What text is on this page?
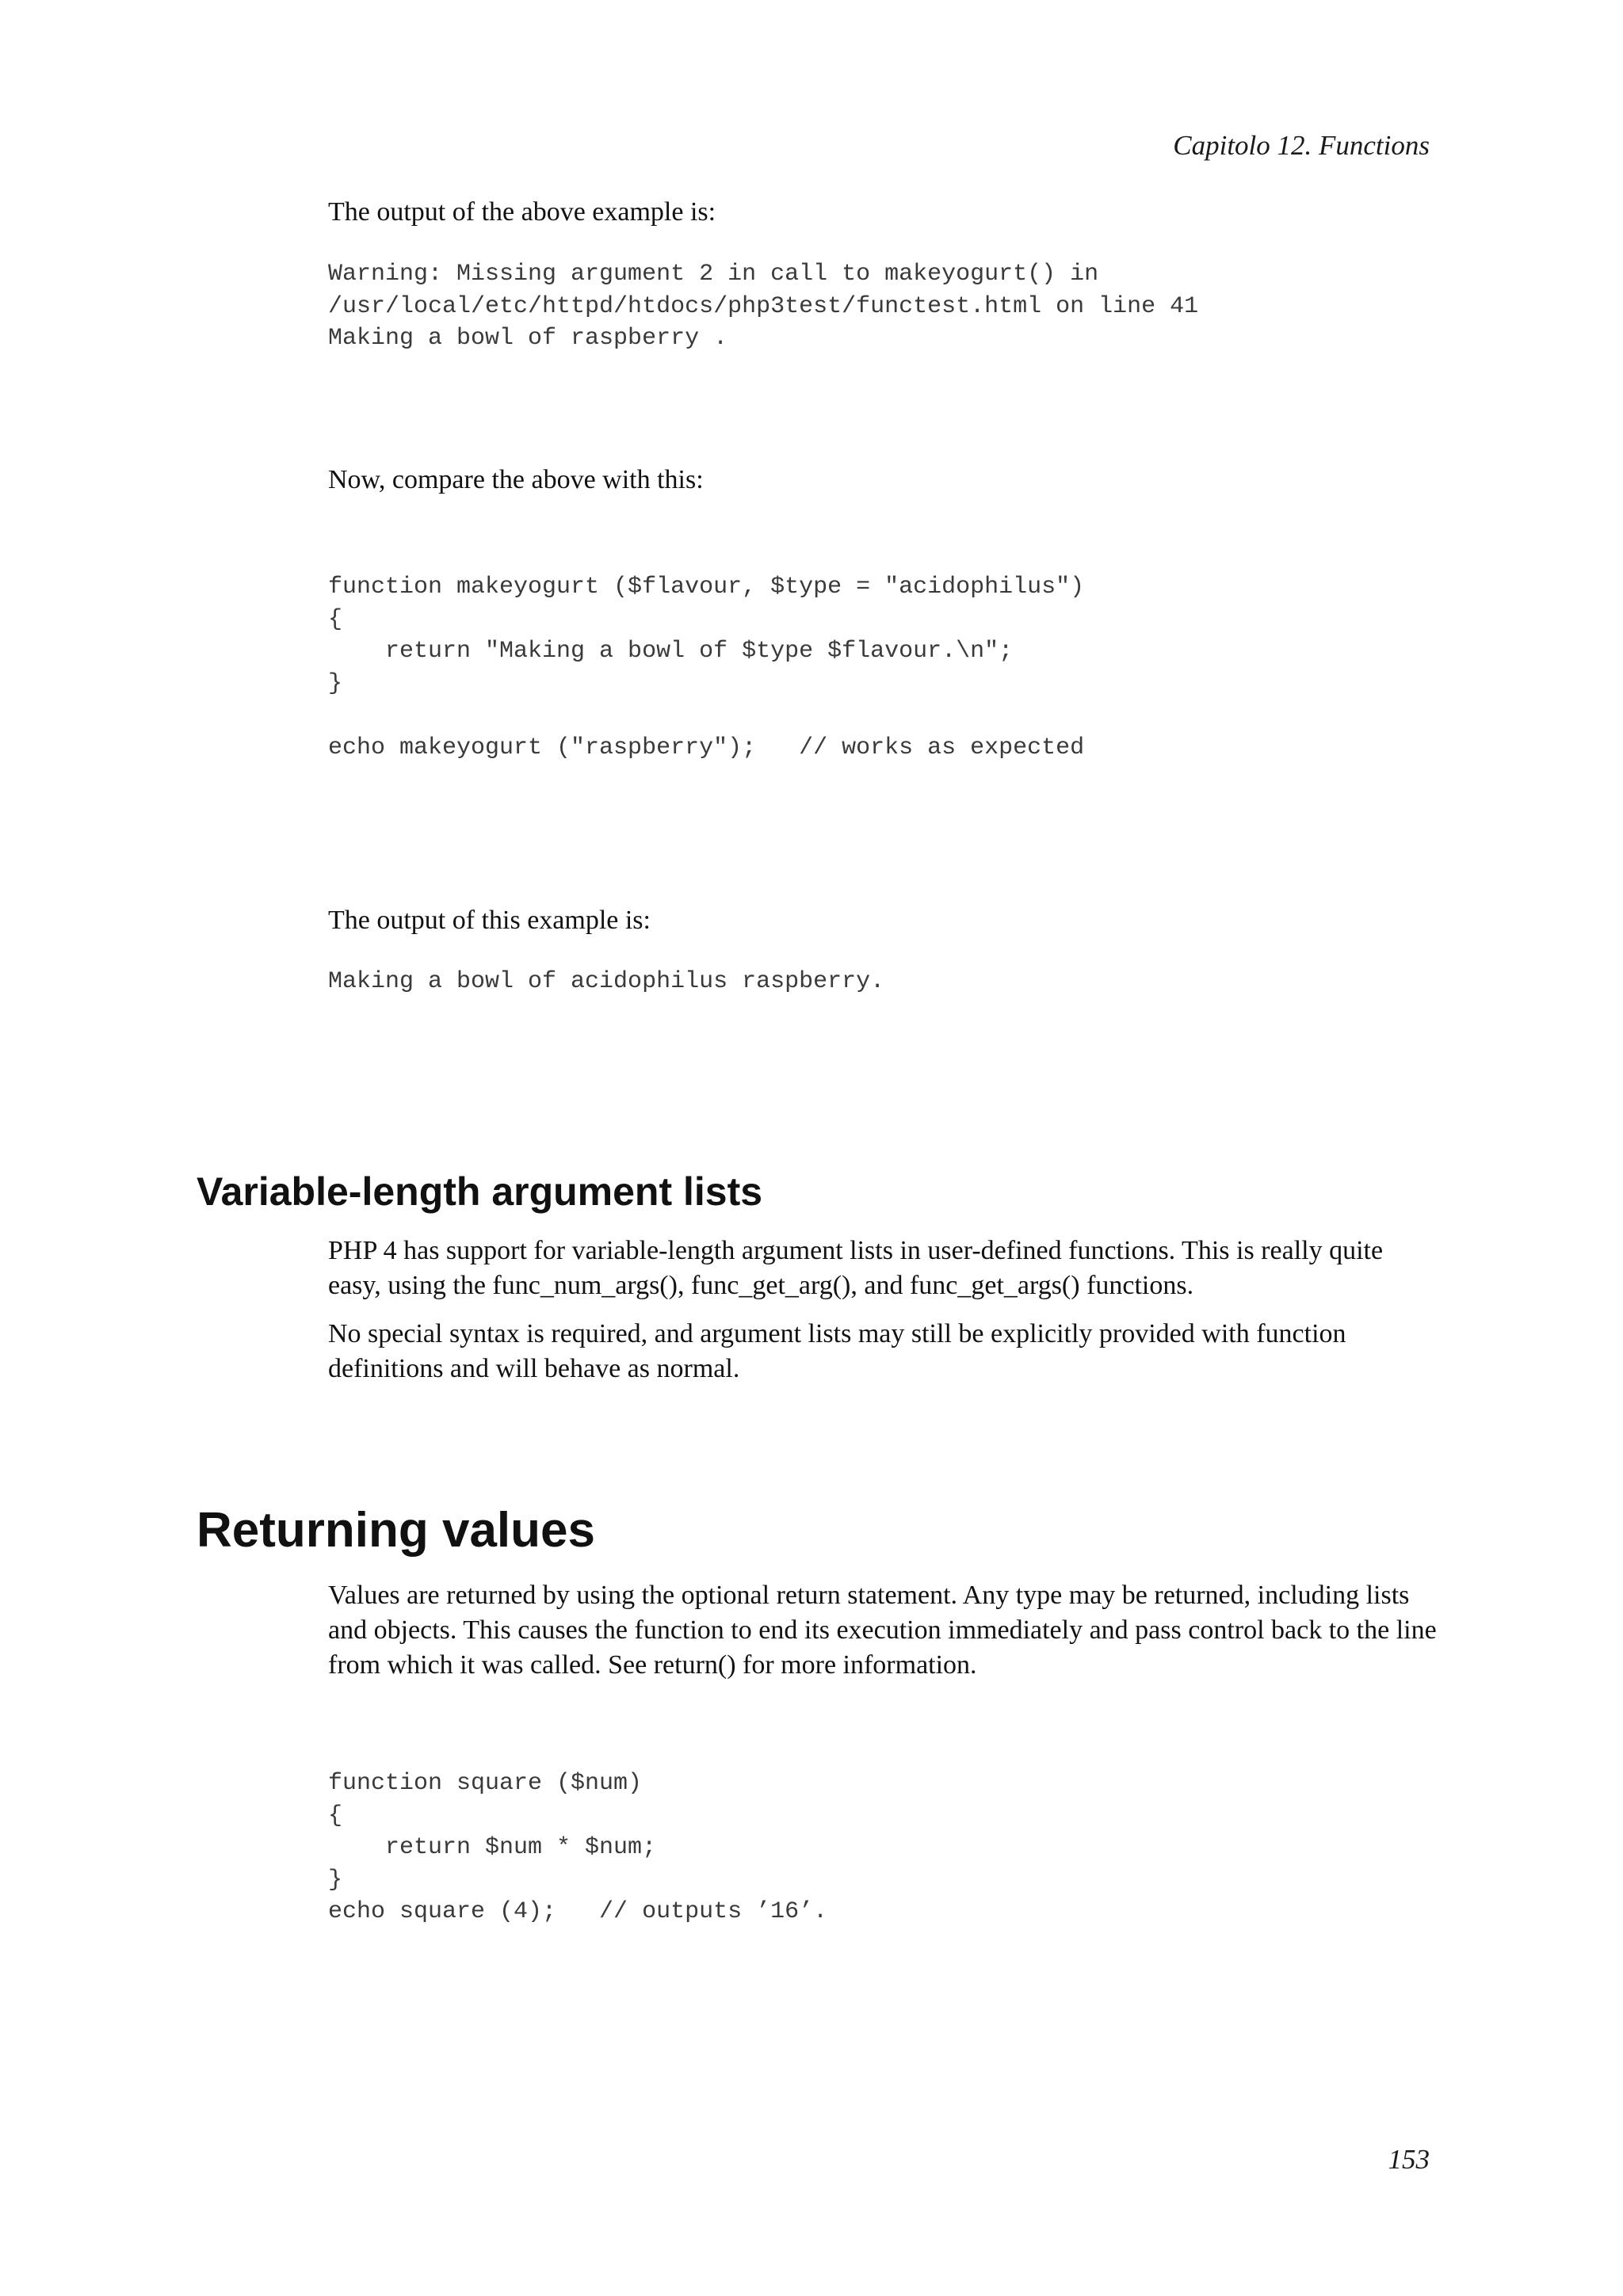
Capitolo 12. Functions

The output of the above example is:

Warning: Missing argument 2 in call to makeyogurt() in
/usr/local/etc/httpd/htdocs/php3test/functest.html on line 41
Making a bowl of raspberry .

Now, compare the above with this:

function makeyogurt ($flavour, $type = "acidophilus")
{
return "Making a bowl of $type $flavour.\n";
}
echo makeyogurt ("raspberry");   // works as expected

The output of this example is:

Making a bowl of acidophilus raspberry.
Variable-length argument lists

PHP 4 has support for variable-length argument lists in user-defined functions. This is really quite easy, using the func_num_args(), func_get_arg(), and func_get_args() functions.

No special syntax is required, and argument lists may still be explicitly provided with function definitions and will behave as normal.

Returning values

Values are returned by using the optional return statement. Any type may be returned, including lists and objects. This causes the function to end its execution immediately and pass control back to the line from which it was called. See return() for more information.

function square ($num)
{
return $num * $num;
}
echo square (4);   // outputs ’16’.
153
